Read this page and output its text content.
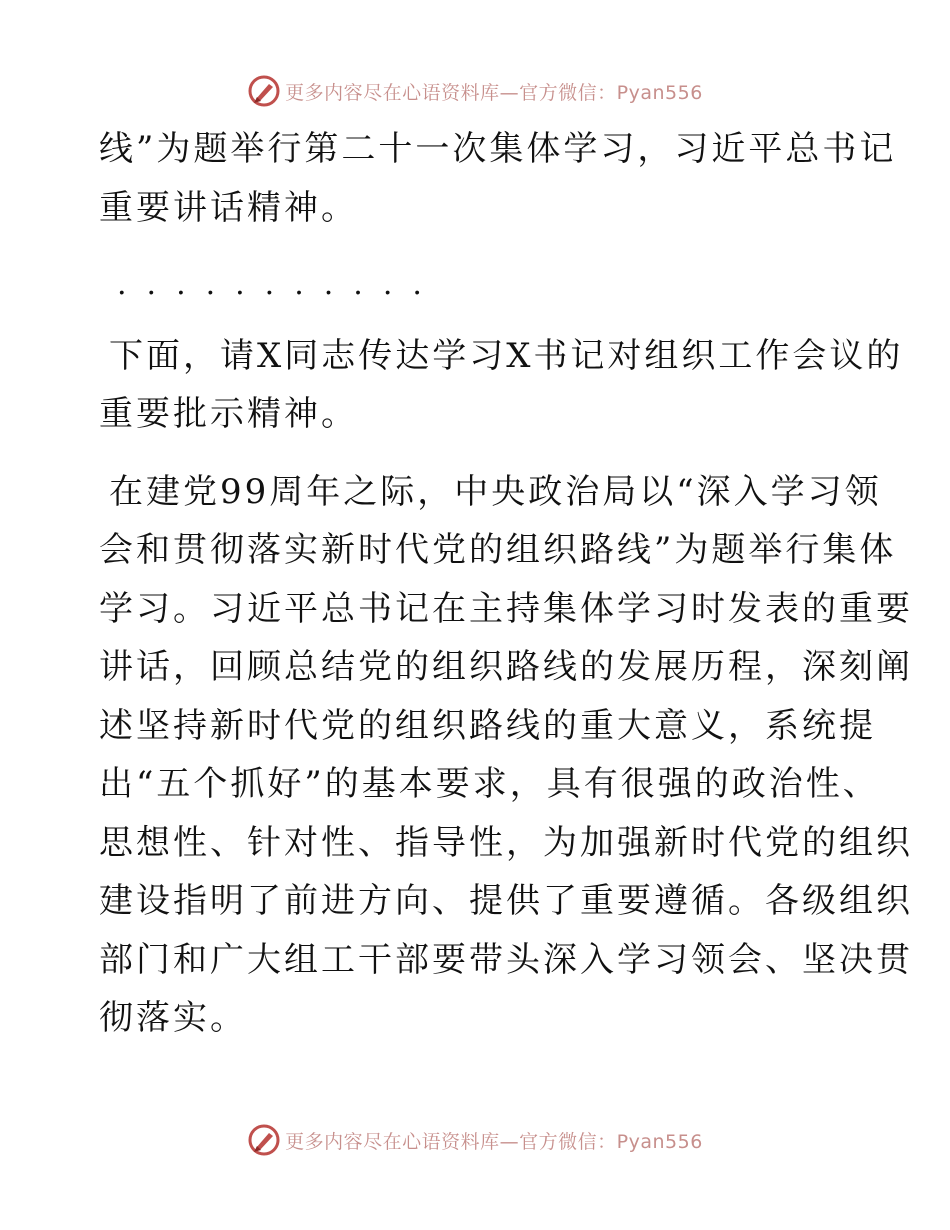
更多内容尽在心语资料库—官方微信：Pyan556
线”为题举行第二十一次集体学习，习近平总书记
重要讲话精神。
...........
下面，请X同志传达学习X书记对组织工作会议的
重要批示精神。
在建党99周年之际，中央政治局以“深入学习领
会和贯彻落实新时代党的组织路线”为题举行集体
学习。习近平总书记在主持集体学习时发表的重要
讲话，回顾总结党的组织路线的发展历程，深刻阐
述坚持新时代党的组织路线的重大意义，系统提
出“五个抓好”的基本要求，具有很强的政治性、
思想性、针对性、指导性，为加强新时代党的组织
建设指明了前进方向、提供了重要遵循。各级组织
部门和广大组工干部要带头深入学习领会、坚决贯
彻落实。
更多内容尽在心语资料库—官方微信：Pyan556
